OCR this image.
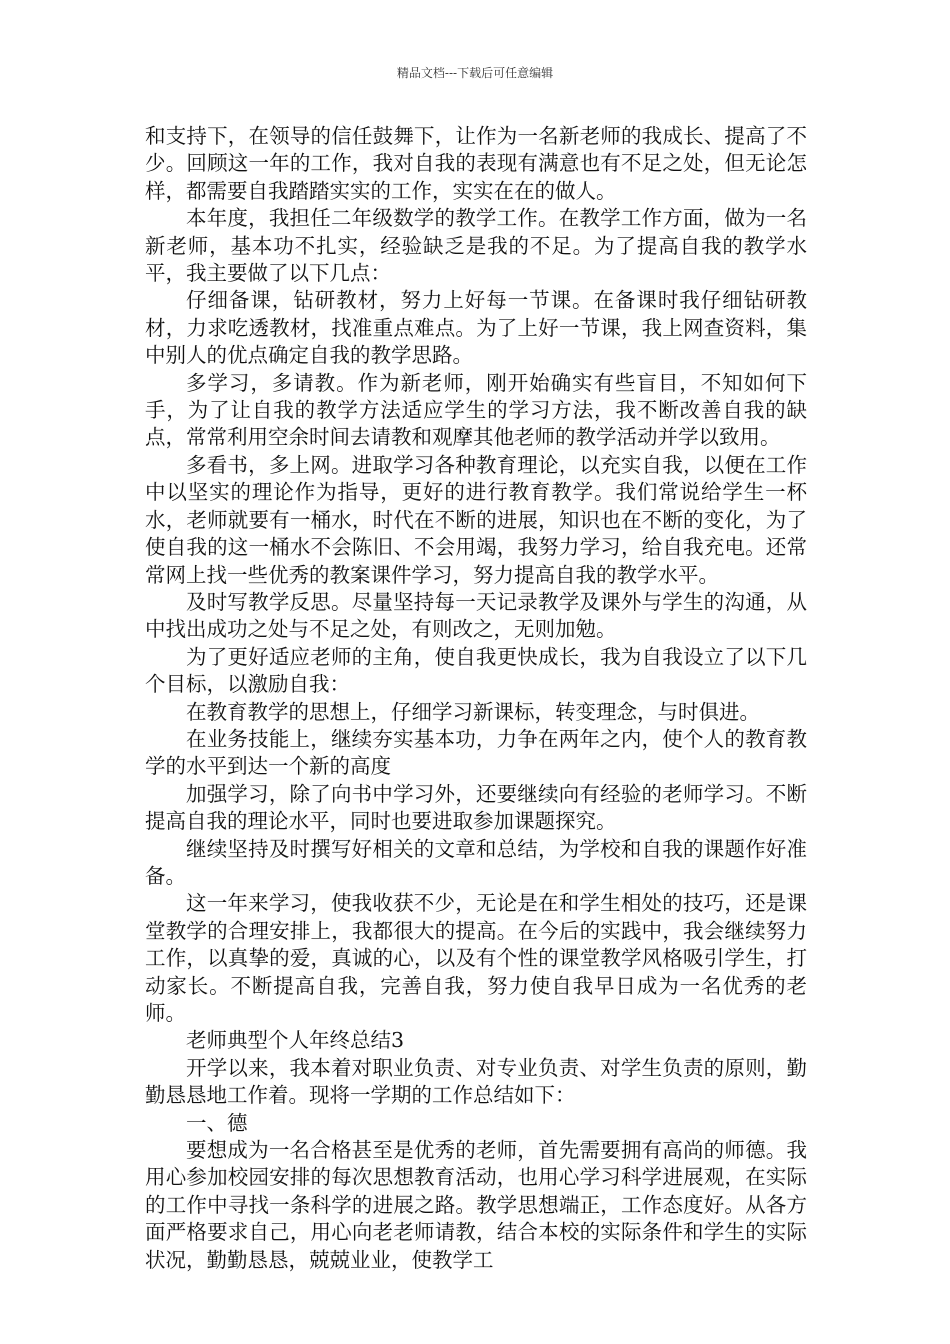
精品文档---下载后可任意编辑

和支持下，在领导的信任鼓舞下，让作为一名新老师的我成长、提高了不少。回顾这一年的工作，我对自我的表现有满意也有不足之处，但无论怎样，都需要自我踏踏实实的工作，实实在在的做人。

本年度，我担任二年级数学的教学工作。在教学工作方面，做为一名新老师，基本功不扎实，经验缺乏是我的不足。为了提高自我的教学水平，我主要做了以下几点：

仔细备课，钻研教材，努力上好每一节课。在备课时我仔细钻研教材，力求吃透教材，找准重点难点。为了上好一节课，我上网查资料，集中别人的优点确定自我的教学思路。

多学习，多请教。作为新老师，刚开始确实有些盲目，不知如何下手，为了让自我的教学方法适应学生的学习方法，我不断改善自我的缺点，常常利用空余时间去请教和观摩其他老师的教学活动并学以致用。

多看书，多上网。进取学习各种教育理论，以充实自我，以便在工作中以坚实的理论作为指导，更好的进行教育教学。我们常说给学生一杯水，老师就要有一桶水，时代在不断的进展，知识也在不断的变化，为了使自我的这一桶水不会陈旧、不会用竭，我努力学习，给自我充电。还常常网上找一些优秀的教案课件学习，努力提高自我的教学水平。

及时写教学反思。尽量坚持每一天记录教学及课外与学生的沟通，从中找出成功之处与不足之处，有则改之，无则加勉。

为了更好适应老师的主角，使自我更快成长，我为自我设立了以下几个目标，以激励自我：

在教育教学的思想上，仔细学习新课标，转变理念，与时俱进。

在业务技能上，继续夯实基本功，力争在两年之内，使个人的教育教学的水平到达一个新的高度

加强学习，除了向书中学习外，还要继续向有经验的老师学习。不断提高自我的理论水平，同时也要进取参加课题探究。

继续坚持及时撰写好相关的文章和总结，为学校和自我的课题作好准备。

这一年来学习，使我收获不少，无论是在和学生相处的技巧，还是课堂教学的合理安排上，我都很大的提高。在今后的实践中，我会继续努力工作，以真挚的爱，真诚的心，以及有个性的课堂教学风格吸引学生，打动家长。不断提高自我，完善自我，努力使自我早日成为一名优秀的老师。

老师典型个人年终总结3

开学以来，我本着对职业负责、对专业负责、对学生负责的原则，勤勤恳恳地工作着。现将一学期的工作总结如下：

一、德

要想成为一名合格甚至是优秀的老师，首先需要拥有高尚的师德。我用心参加校园安排的每次思想教育活动，也用心学习科学进展观，在实际的工作中寻找一条科学的进展之路。教学思想端正，工作态度好。从各方面严格要求自己，用心向老老师请教，结合本校的实际条件和学生的实际状况，勤勤恳恳，兢兢业业，使教学工
